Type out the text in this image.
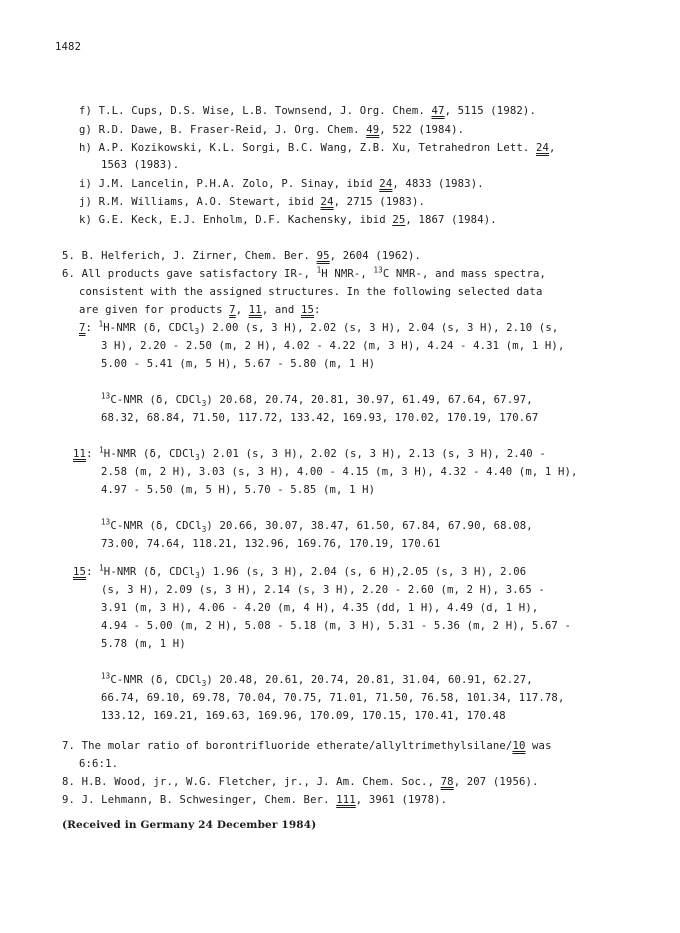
1482
f) T.L. Cups, D.S. Wise, L.B. Townsend, J. Org. Chem. 47, 5115 (1982).
g) R.D. Dawe, B. Fraser-Reid, J. Org. Chem. 49, 522 (1984).
h) A.P. Kozikowski, K.L. Sorgi, B.C. Wang, Z.B. Xu, Tetrahedron Lett. 24,
1563 (1983).
i) J.M. Lancelin, P.H.A. Zolo, P. Sinay, ibid 24, 4833 (1983).
j) R.M. Williams, A.O. Stewart, ibid 24, 2715 (1983).
k) G.E. Keck, E.J. Enholm, D.F. Kachensky, ibid 25, 1867 (1984).
5. B. Helferich, J. Zirner, Chem. Ber. 95, 2604 (1962).
6. All products gave satisfactory IR-, $^1$H NMR-, $^{13}$C NMR-, and mass spectra,
consistent with the assigned structures. In the following selected data
are given for products 7, 11, and 15:
7: $^1$H-NMR (δ, CDCl$_3$) 2.00 (s, 3 H), 2.02 (s, 3 H), 2.04 (s, 3 H), 2.10 (s,
3 H), 2.20 - 2.50 (m, 2 H), 4.02 - 4.22 (m, 3 H), 4.24 - 4.31 (m, 1 H),
5.00 - 5.41 (m, 5 H), 5.67 - 5.80 (m, 1 H)
$^{13}$C-NMR (δ, CDCl$_3$) 20.68, 20.74, 20.81, 30.97, 61.49, 67.64, 67.97,
68.32, 68.84, 71.50, 117.72, 133.42, 169.93, 170.02, 170.19, 170.67
11: $^1$H-NMR (δ, CDCl$_3$) 2.01 (s, 3 H), 2.02 (s, 3 H), 2.13 (s, 3 H), 2.40 -
2.58 (m, 2 H), 3.03 (s, 3 H), 4.00 - 4.15 (m, 3 H), 4.32 - 4.40 (m, 1 H),
4.97 - 5.50 (m, 5 H), 5.70 - 5.85 (m, 1 H)
$^{13}$C-NMR (δ, CDCl$_3$) 20.66, 30.07, 38.47, 61.50, 67.84, 67.90, 68.08,
73.00, 74.64, 118.21, 132.96, 169.76, 170.19, 170.61
15: $^1$H-NMR (δ, CDCl$_3$) 1.96 (s, 3 H), 2.04 (s, 6 H),2.05 (s, 3 H), 2.06
(s, 3 H), 2.09 (s, 3 H), 2.14 (s, 3 H), 2.20 - 2.60 (m, 2 H), 3.65 -
3.91 (m, 3 H), 4.06 - 4.20 (m, 4 H), 4.35 (dd, 1 H), 4.49 (d, 1 H),
4.94 - 5.00 (m, 2 H), 5.08 - 5.18 (m, 3 H), 5.31 - 5.36 (m, 2 H), 5.67 -
5.78 (m, 1 H)
$^{13}$C-NMR (δ, CDCl$_3$) 20.48, 20.61, 20.74, 20.81, 31.04, 60.91, 62.27,
66.74, 69.10, 69.78, 70.04, 70.75, 71.01, 71.50, 76.58, 101.34, 117.78,
133.12, 169.21, 169.63, 169.96, 170.09, 170.15, 170.41, 170.48
7. The molar ratio of borontrifluoride etherate/allyltrimethylsilane/10 was
6:6:1.
8. H.B. Wood, jr., W.G. Fletcher, jr., J. Am. Chem. Soc., 78, 207 (1956).
9. J. Lehmann, B. Schwesinger, Chem. Ber. 111, 3961 (1978).
(Received in Germany 24 December 1984)
